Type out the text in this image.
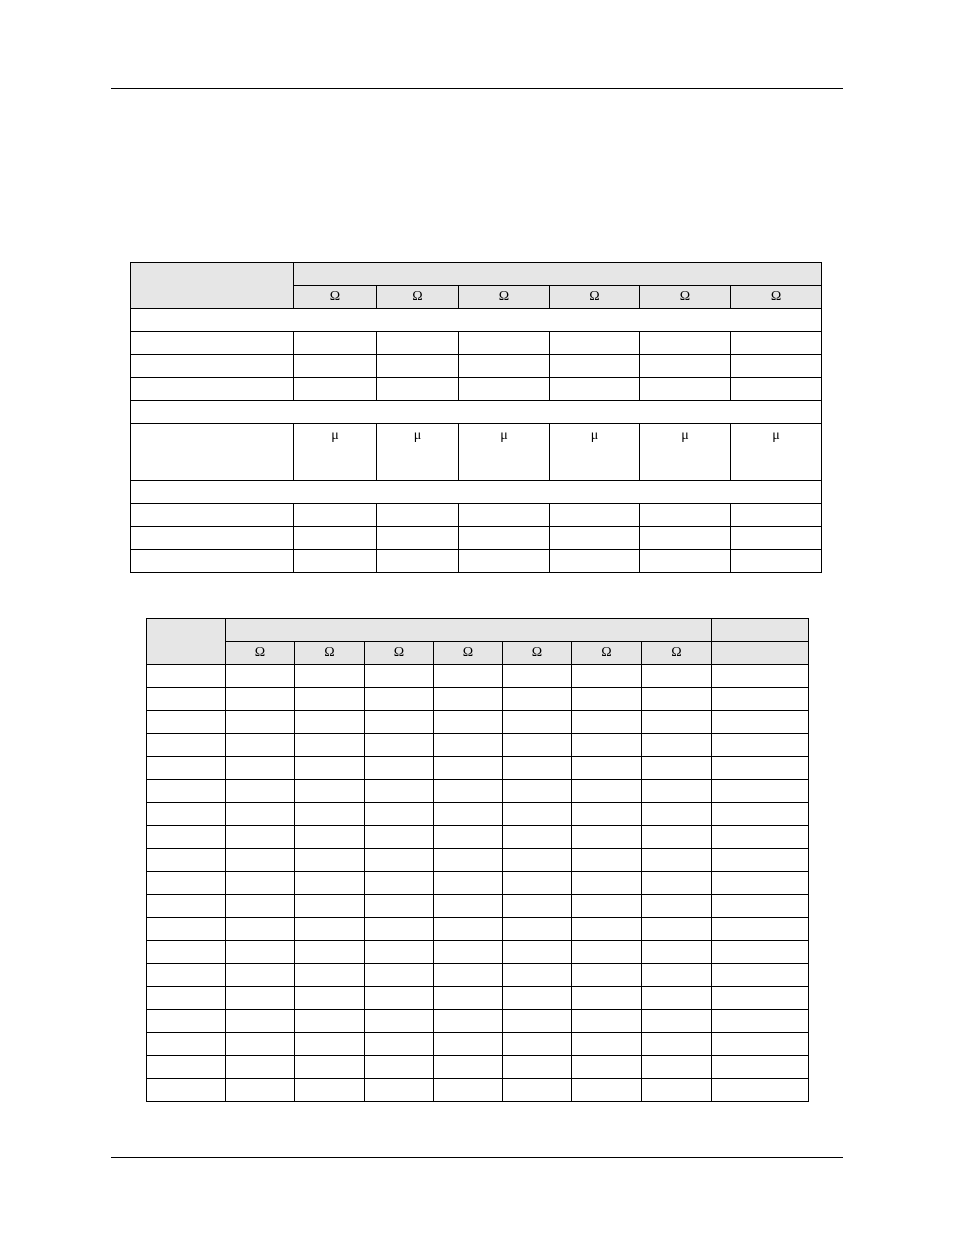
	Ω	Ω	Ω	Ω	Ω	Ω

	μ	μ	μ	μ	μ	μ

	Ω	Ω	Ω	Ω	Ω	Ω	Ω	
